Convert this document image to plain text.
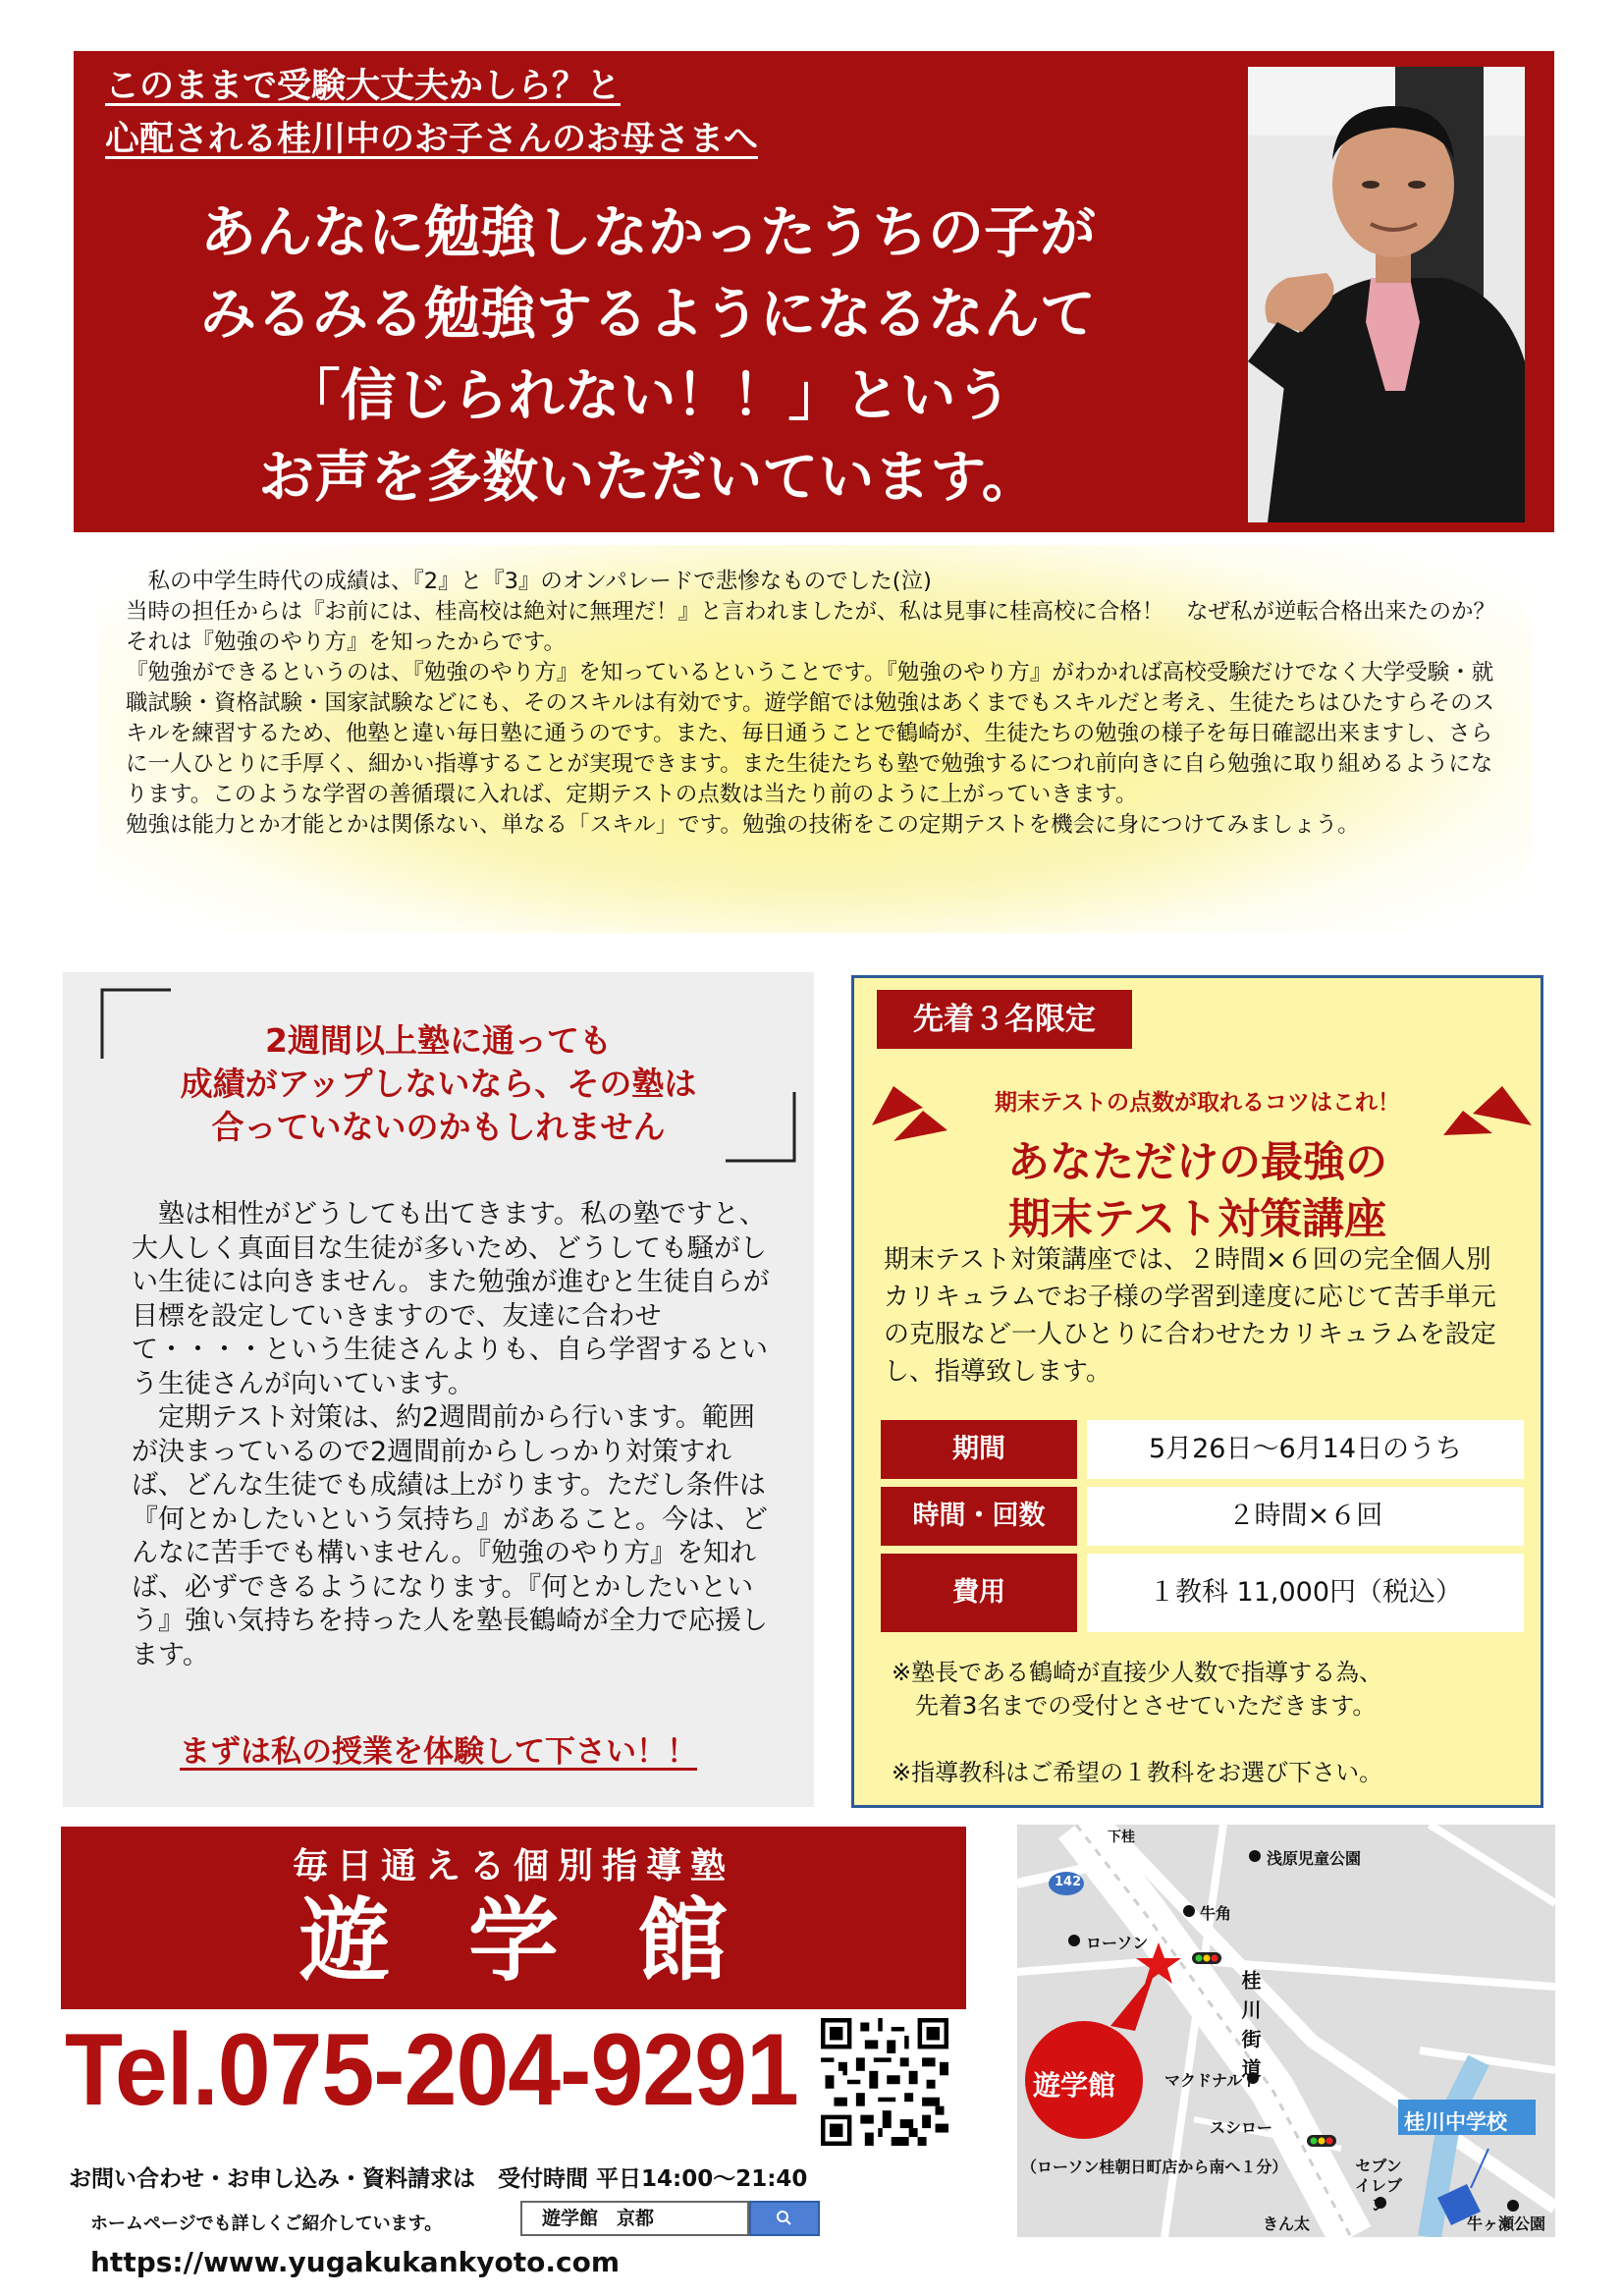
このままで受験大丈夫かしら？と
心配される桂川中のお子さんのお母さまへ
あんなに勉強しなかったうちの子が
みるみる勉強するようになるなんて
「信じられない！！」という
お声を多数いただいています。

　私の中学生時代の成績は、『2』と『3』のオンパレードで悲惨なものでした(泣)

当時の担任からは『お前には、桂高校は絶対に無理だ！』と言われましたが、私は見事に桂高校に合格！　なぜ私が逆転合格出来たのか？それは『勉強のやり方』を知ったからです。

『勉強ができるというのは、『勉強のやり方』を知っているということです。『勉強のやり方』がわかれば高校受験だけでなく大学受験・就職試験・資格試験・国家試験などにも、そのスキルは有効です。遊学館では勉強はあくまでもスキルだと考え、生徒たちはひたすらそのスキルを練習するため、他塾と違い毎日塾に通うのです。また、毎日通うことで鶴崎が、生徒たちの勉強の様子を毎日確認出来ますし、さらに一人ひとりに手厚く、細かい指導することが実現できます。また生徒たちも塾で勉強するにつれ前向きに自ら勉強に取り組めるようになります。このような学習の善循環に入れば、定期テストの点数は当たり前のように上がっていきます。

勉強は能力とか才能とかは関係ない、単なる「スキル」です。勉強の技術をこの定期テストを機会に身につけてみましょう。

2週間以上塾に通っても
成績がアップしないなら、その塾は
合っていないのかもしれません

　塾は相性がどうしても出てきます。私の塾ですと、大人しく真面目な生徒が多いため、どうしても騒がしい生徒には向きません。また勉強が進むと生徒自らが目標を設定していきますので、友達に合わせて・・・・という生徒さんよりも、自ら学習するという生徒さんが向いています。

　定期テスト対策は、約2週間前から行います。範囲が決まっているので2週間前からしっかり対策すれば、どんな生徒でも成績は上がります。ただし条件は『何とかしたいという気持ち』があること。今は、どんなに苦手でも構いません。『勉強のやり方』を知れば、必ずできるようになります。『何とかしたいという』強い気持ちを持った人を塾長鶴崎が全力で応援します。

まずは私の授業を体験して下さい！！
先着３名限定
期末テストの点数が取れるコツはこれ！
あなただけの最強の
期末テスト対策講座
期末テスト対策講座では、２時間×６回の完全個人別カリキュラムでお子様の学習到達度に応じて苦手単元の克服など一人ひとりに合わせたカリキュラムを設定し、指導致します。
期間	5月26日〜6月14日のうち
時間・回数	２時間×６回
費用	１教科 11,000円（税込）
※塾長である鶴崎が直接少人数で指導する為、
　先着3名までの受付とさせていただきます。
※指導教科はご希望の１教科をお選び下さい。
毎日通える個別指導塾
遊学館
Tel.075-204-9291
お問い合わせ・お申し込み・資料請求は　受付時間 平日14:00〜21:40
ホームページでも詳しくご紹介しています。	遊学館　京都
https://www.yugakukankyoto.com
下桂
142
浅原児童公園
牛角
ローソン
桂川街道
遊学館	マクドナルド
スシロー	桂川中学校
（ローソン桂朝日町店から南へ１分）	セブンイレブン
きん太	牛ヶ瀬公園
